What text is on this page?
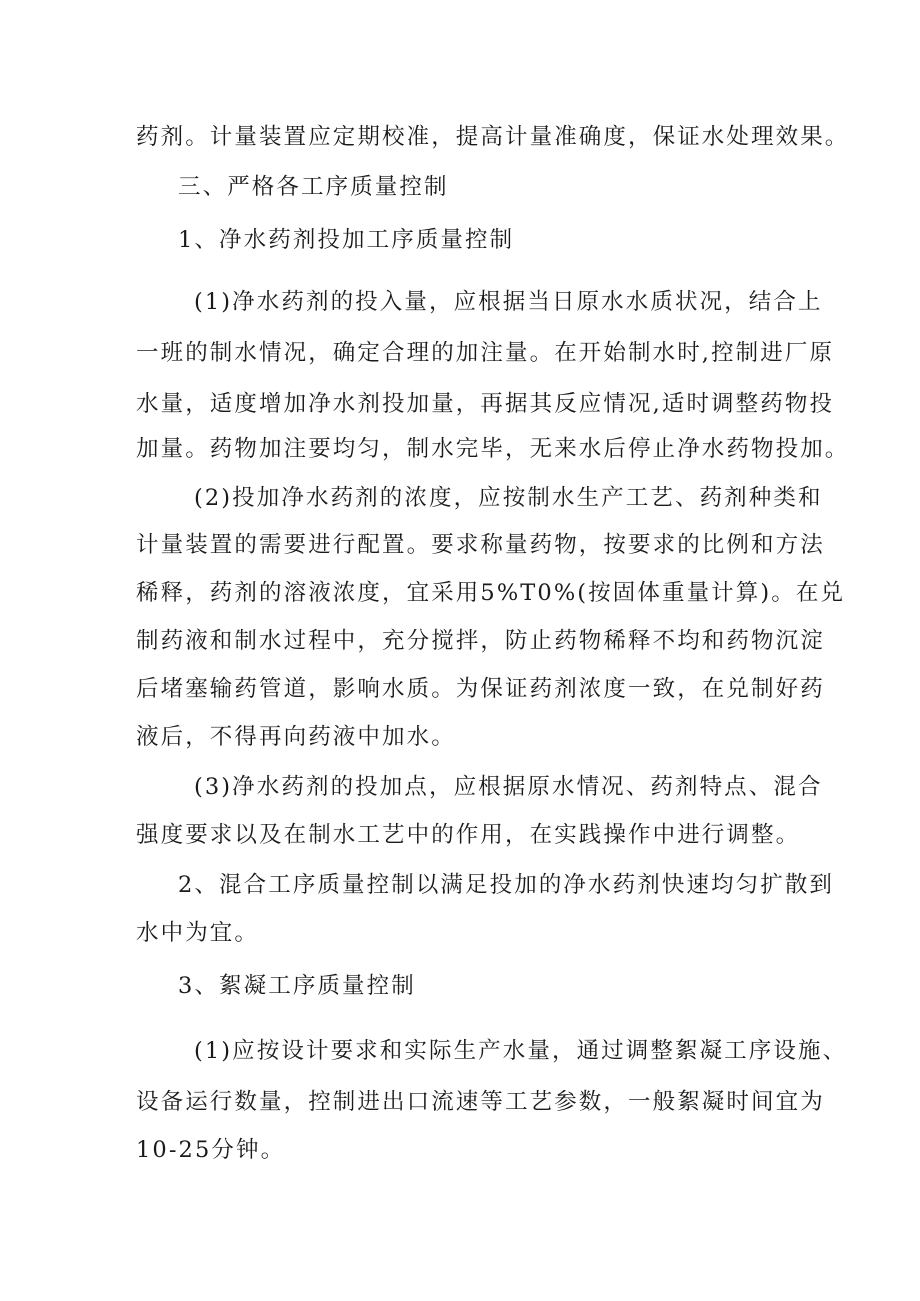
药剂。计量装置应定期校准，提高计量准确度，保证水处理效果。
三、严格各工序质量控制
1、净水药剂投加工序质量控制
(1)净水药剂的投入量，应根据当日原水水质状况，结合上
一班的制水情况，确定合理的加注量。在开始制水时,控制进厂原
水量，适度增加净水剂投加量，再据其反应情况,适时调整药物投
加量。药物加注要均匀，制水完毕，无来水后停止净水药物投加。
(2)投加净水药剂的浓度，应按制水生产工艺、药剂种类和
计量装置的需要进行配置。要求称量药物，按要求的比例和方法
稀释，药剂的溶液浓度，宜采用5%T0%(按固体重量计算)。在兑
制药液和制水过程中，充分搅拌，防止药物稀释不均和药物沉淀
后堵塞输药管道，影响水质。为保证药剂浓度一致，在兑制好药
液后，不得再向药液中加水。
(3)净水药剂的投加点，应根据原水情况、药剂特点、混合
强度要求以及在制水工艺中的作用，在实践操作中进行调整。
2、混合工序质量控制以满足投加的净水药剂快速均匀扩散到
水中为宜。
3、絮凝工序质量控制
(1)应按设计要求和实际生产水量，通过调整絮凝工序设施、
设备运行数量，控制进出口流速等工艺参数，一般絮凝时间宜为
10-25分钟。
